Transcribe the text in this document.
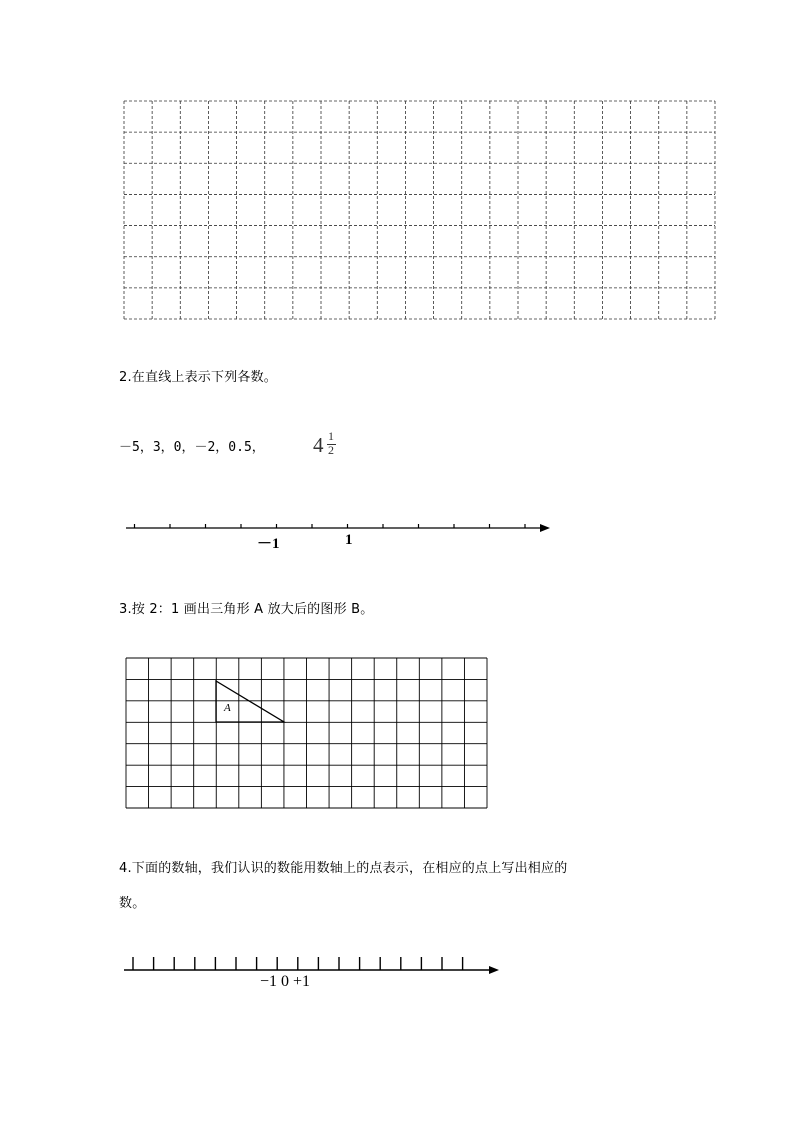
2.在直线上表示下列各数。
－5，3，0，－2，0.5， 4 1
2
－1	1
3.按 2：1 画出三角形 A 放大后的图形 B。
A
4.下面的数轴，我们认识的数能用数轴上的点表示，在相应的点上写出相应的
数。
−1 0 +1
